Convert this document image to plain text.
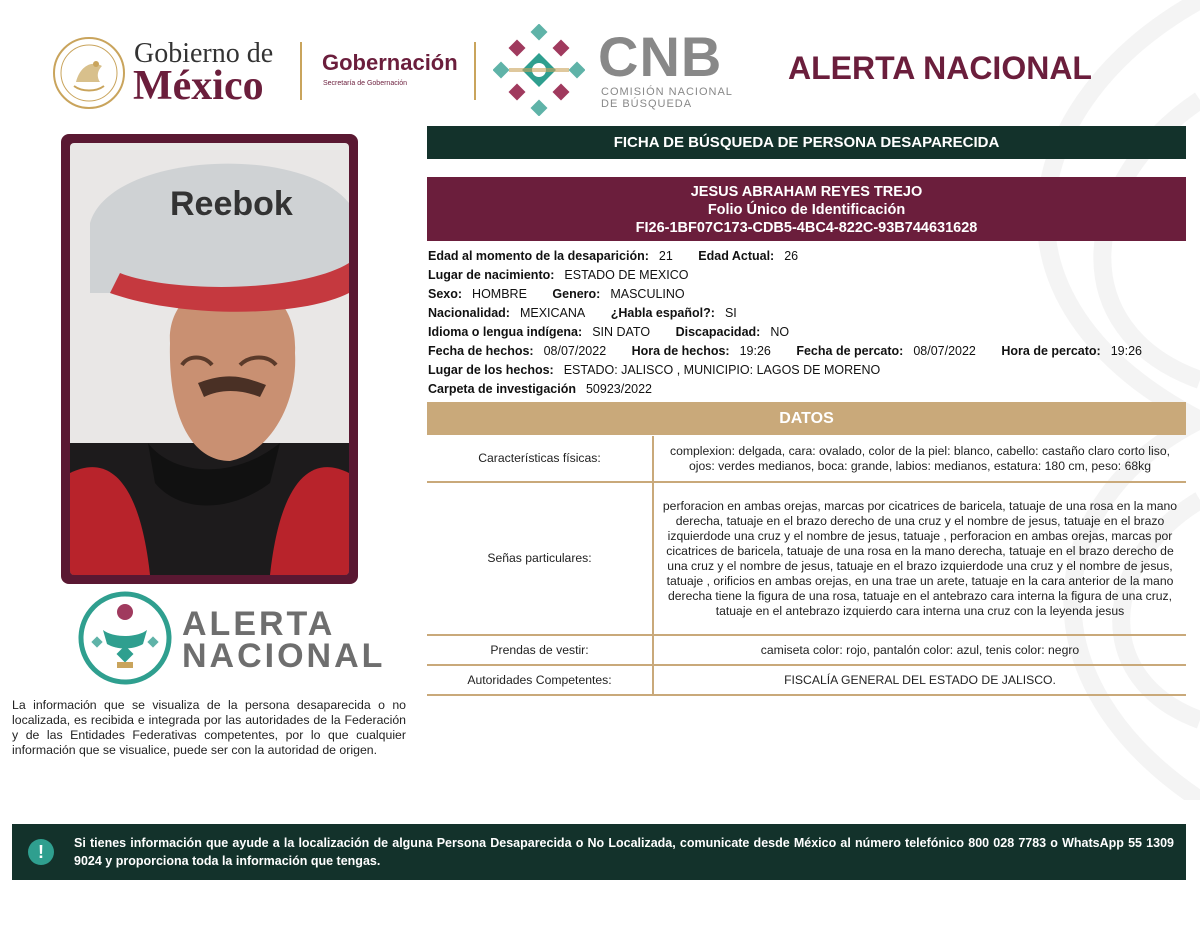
Gobierno de
México
Gobernación
Secretaría de Gobernación	CNB
COMISIÓN NACIONAL
DE BÚSQUEDA
ALERTA NACIONAL
Reebok
ALERTA
NACIONAL
La información que se visualiza de la persona desaparecida o no localizada, es recibida e integrada por las autoridades de la Federación y de las Entidades Federativas competentes, por lo que cualquier información que se visualice, puede ser con la autoridad de origen.
FICHA DE BÚSQUEDA DE PERSONA DESAPARECIDA
JESUS ABRAHAM REYES TREJO
Folio Único de Identificación
FI26-1BF07C173-CDB5-4BC4-822C-93B744631628
Edad al momento de la desaparición: 21 Edad Actual: 26
Lugar de nacimiento: ESTADO DE MEXICO
Sexo: HOMBRE Genero: MASCULINO
Nacionalidad: MEXICANA ¿Habla español?: SI
Idioma o lengua indígena: SIN DATO Discapacidad: NO
Fecha de hechos: 08/07/2022 Hora de hechos: 19:26 Fecha de percato: 08/07/2022 Hora de percato: 19:26
Lugar de los hechos: ESTADO: JALISCO , MUNICIPIO: LAGOS DE MORENO
Carpeta de investigación 50923/2022
DATOS
Características físicas:	complexion: delgada, cara: ovalado, color de la piel: blanco, cabello: castaño claro corto liso, ojos: verdes medianos, boca: grande, labios: medianos, estatura: 180 cm, peso: 68kg
Señas particulares:	perforacion en ambas orejas, marcas por cicatrices de baricela, tatuaje de una rosa en la mano derecha, tatuaje en el brazo derecho de una cruz y el nombre de jesus, tatuaje en el brazo izquierdode una cruz y el nombre de jesus, tatuaje , perforacion en ambas orejas, marcas por cicatrices de baricela, tatuaje de una rosa en la mano derecha, tatuaje en el brazo derecho de una cruz y el nombre de jesus, tatuaje en el brazo izquierdode una cruz y el nombre de jesus, tatuaje , orificios en ambas orejas, en una trae un arete, tatuaje en la cara anterior de la mano derecha tiene la figura de una rosa, tatuaje en el antebrazo cara interna la figura de una cruz, tatuaje en el antebrazo izquierdo cara interna una cruz con la leyenda jesus
Prendas de vestir:	camiseta color: rojo, pantalón color: azul, tenis color: negro
Autoridades Competentes:	FISCALÍA GENERAL DEL ESTADO DE JALISCO.
!	Si tienes información que ayude a la localización de alguna Persona Desaparecida o No Localizada, comunicate desde México al número telefónico 800 028 7783 o WhatsApp 55 1309 9024 y proporciona toda la información que tengas.
